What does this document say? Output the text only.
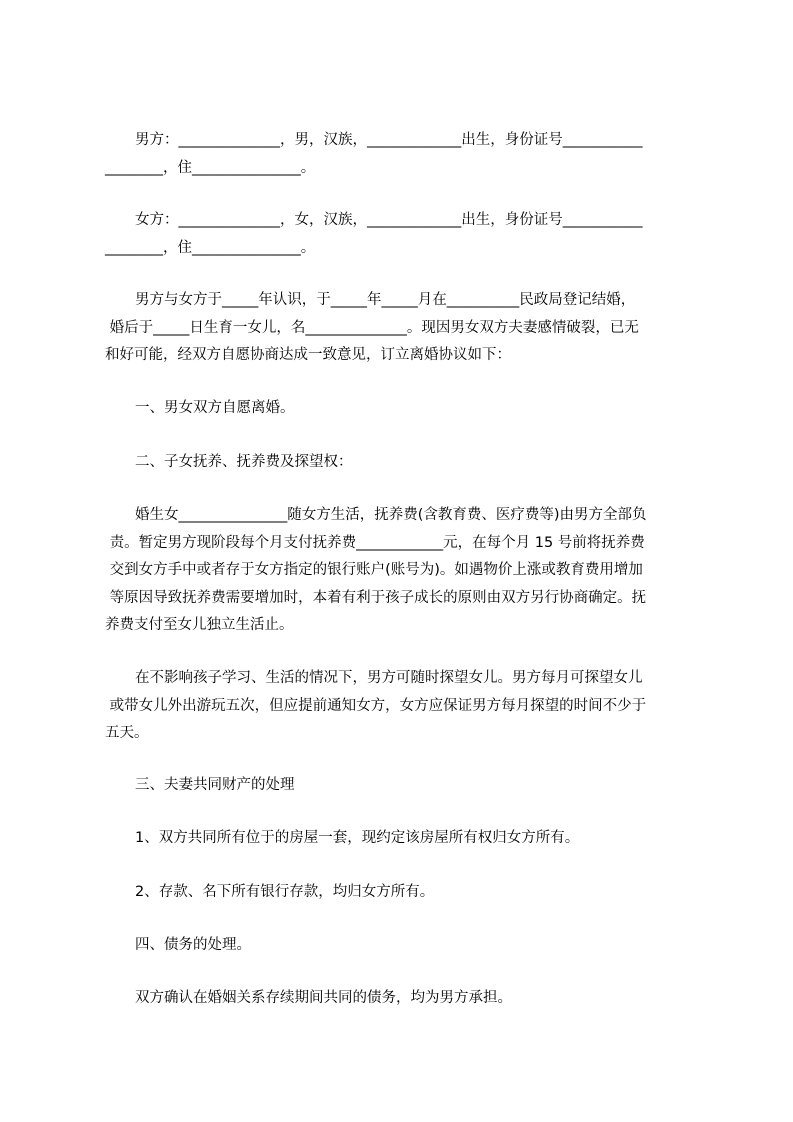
男方：______________，男，汉族，_____________出生，身份证号___________
________，住_______________。
女方：______________，女，汉族，_____________出生，身份证号___________
________，住_______________。
男方与女方于_____年认识，于_____年_____月在__________民政局登记结婚，
婚后于_____日生育一女儿，名______________。现因男女双方夫妻感情破裂，已无
和好可能，经双方自愿协商达成一致意见，订立离婚协议如下：
一、男女双方自愿离婚。
二、子女抚养、抚养费及探望权：
婚生女_______________随女方生活，抚养费(含教育费、医疗费等)由男方全部负
责。暂定男方现阶段每个月支付抚养费____________元，在每个月 15 号前将抚养费
交到女方手中或者存于女方指定的银行账户(账号为)。如遇物价上涨或教育费用增加
等原因导致抚养费需要增加时，本着有利于孩子成长的原则由双方另行协商确定。抚
养费支付至女儿独立生活止。
在不影响孩子学习、生活的情况下，男方可随时探望女儿。男方每月可探望女儿
或带女儿外出游玩五次，但应提前通知女方，女方应保证男方每月探望的时间不少于
五天。
三、夫妻共同财产的处理
1、双方共同所有位于的房屋一套，现约定该房屋所有权归女方所有。
2、存款、名下所有银行存款，均归女方所有。
四、债务的处理。
双方确认在婚姻关系存续期间共同的债务，均为男方承担。
